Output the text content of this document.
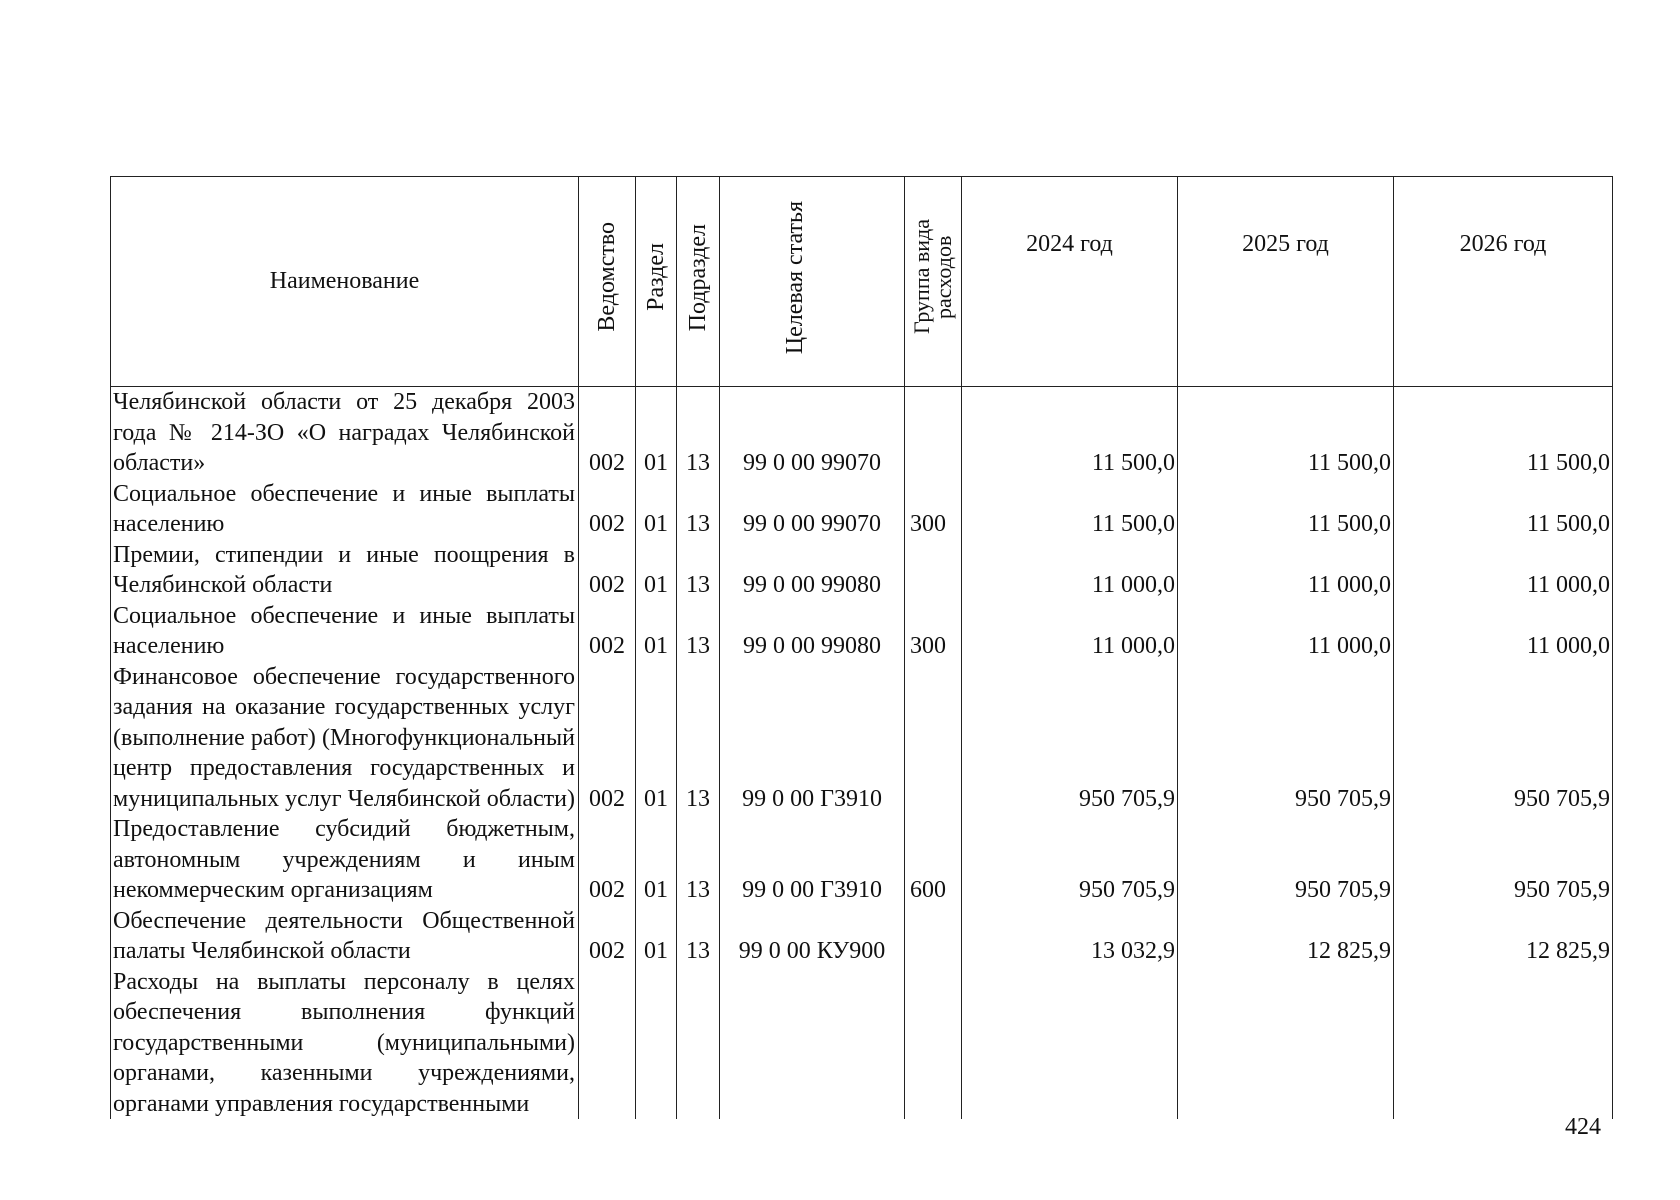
Наименование	Ведомство	Раздел	Подраздел	Целевая статья	Группа вида расходов	2024 год	2025 год	2026 год
Челябинской области от 25 декабря 2003 года № 214-ЗО «О наградах Челябинской области»	002	01	13	99 0 00 99070		11 500,0	11 500,0	11 500,0
Социальное обеспечение и иные выплаты населению	002	01	13	99 0 00 99070	300	11 500,0	11 500,0	11 500,0
Премии, стипендии и иные поощрения в Челябинской области	002	01	13	99 0 00 99080		11 000,0	11 000,0	11 000,0
Социальное обеспечение и иные выплаты населению	002	01	13	99 0 00 99080	300	11 000,0	11 000,0	11 000,0
Финансовое обеспечение государственного задания на оказание государственных услуг (выполнение работ) (Многофункциональный центр предоставления государственных и муниципальных услуг Челябинской области)	002	01	13	99 0 00 Г3910		950 705,9	950 705,9	950 705,9
Предоставление субсидий бюджетным, автономным учреждениям и иным некоммерческим организациям	002	01	13	99 0 00 Г3910	600	950 705,9	950 705,9	950 705,9
Обеспечение деятельности Общественной палаты Челябинской области	002	01	13	99 0 00 КУ900		13 032,9	12 825,9	12 825,9
Расходы на выплаты персоналу в целях обеспечения выполнения функций государственными (муниципальными) органами, казенными учреждениями, органами управления государственными								
424
